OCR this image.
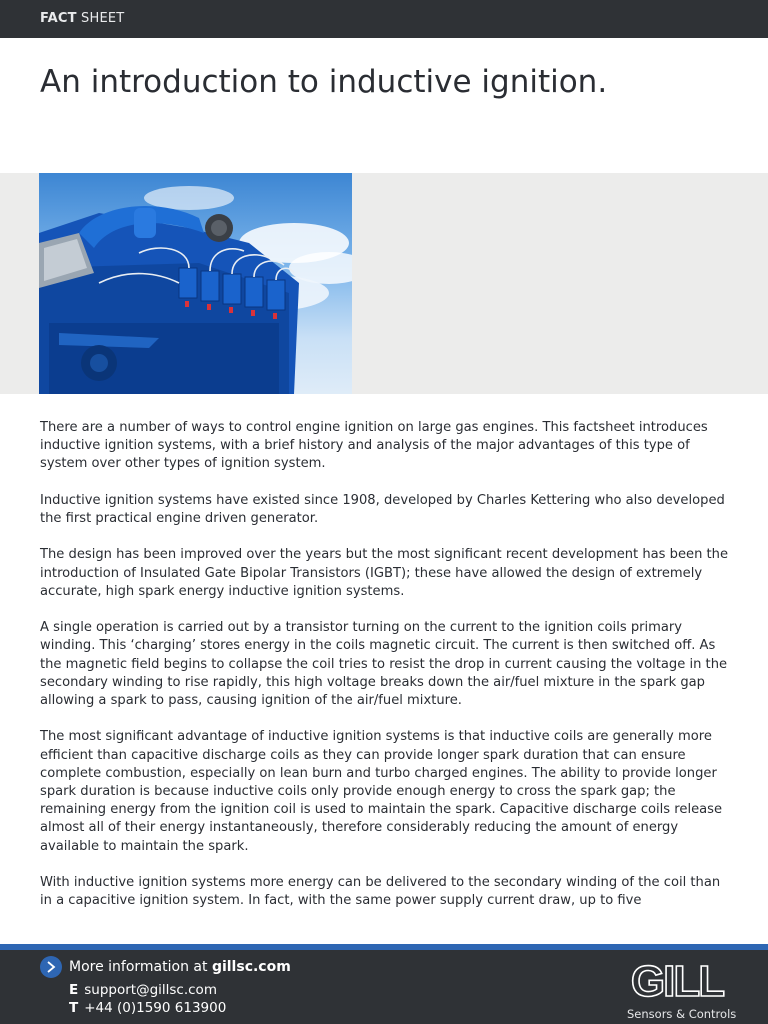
FACT SHEET
An introduction to inductive ignition.

There are a number of ways to control engine ignition on large gas engines. This factsheet introduces inductive ignition systems, with a brief history and analysis of the major advantages of this type of system over other types of ignition system.

Inductive ignition systems have existed since 1908, developed by Charles Kettering who also developed the first practical engine driven generator.

The design has been improved over the years but the most significant recent development has been the introduction of Insulated Gate Bipolar Transistors (IGBT); these have allowed the design of extremely accurate, high spark energy inductive ignition systems.

A single operation is carried out by a transistor turning on the current to the ignition coils primary winding. This ‘charging’ stores energy in the coils magnetic circuit. The current is then switched off. As the magnetic field begins to collapse the coil tries to resist the drop in current causing the voltage in the secondary winding to rise rapidly, this high voltage breaks down the air/fuel mixture in the spark gap allowing a spark to pass, causing ignition of the air/fuel mixture.

The most significant advantage of inductive ignition systems is that inductive coils are generally more efficient than capacitive discharge coils as they can provide longer spark duration that can ensure complete combustion, especially on lean burn and turbo charged engines. The ability to provide longer spark duration is because inductive coils only provide enough energy to cross the spark gap; the remaining energy from the ignition coil is used to maintain the spark. Capacitive discharge coils release almost all of their energy instantaneously, therefore considerably reducing the amount of energy available to maintain the spark.

With inductive ignition systems more energy can be delivered to the secondary winding of the coil than in a capacitive ignition system. In fact, with the same power supply current draw, up to five

More information at gillsc.com
E support@gillsc.com
T +44 (0)1590 613900
GILL
Sensors & Controls
